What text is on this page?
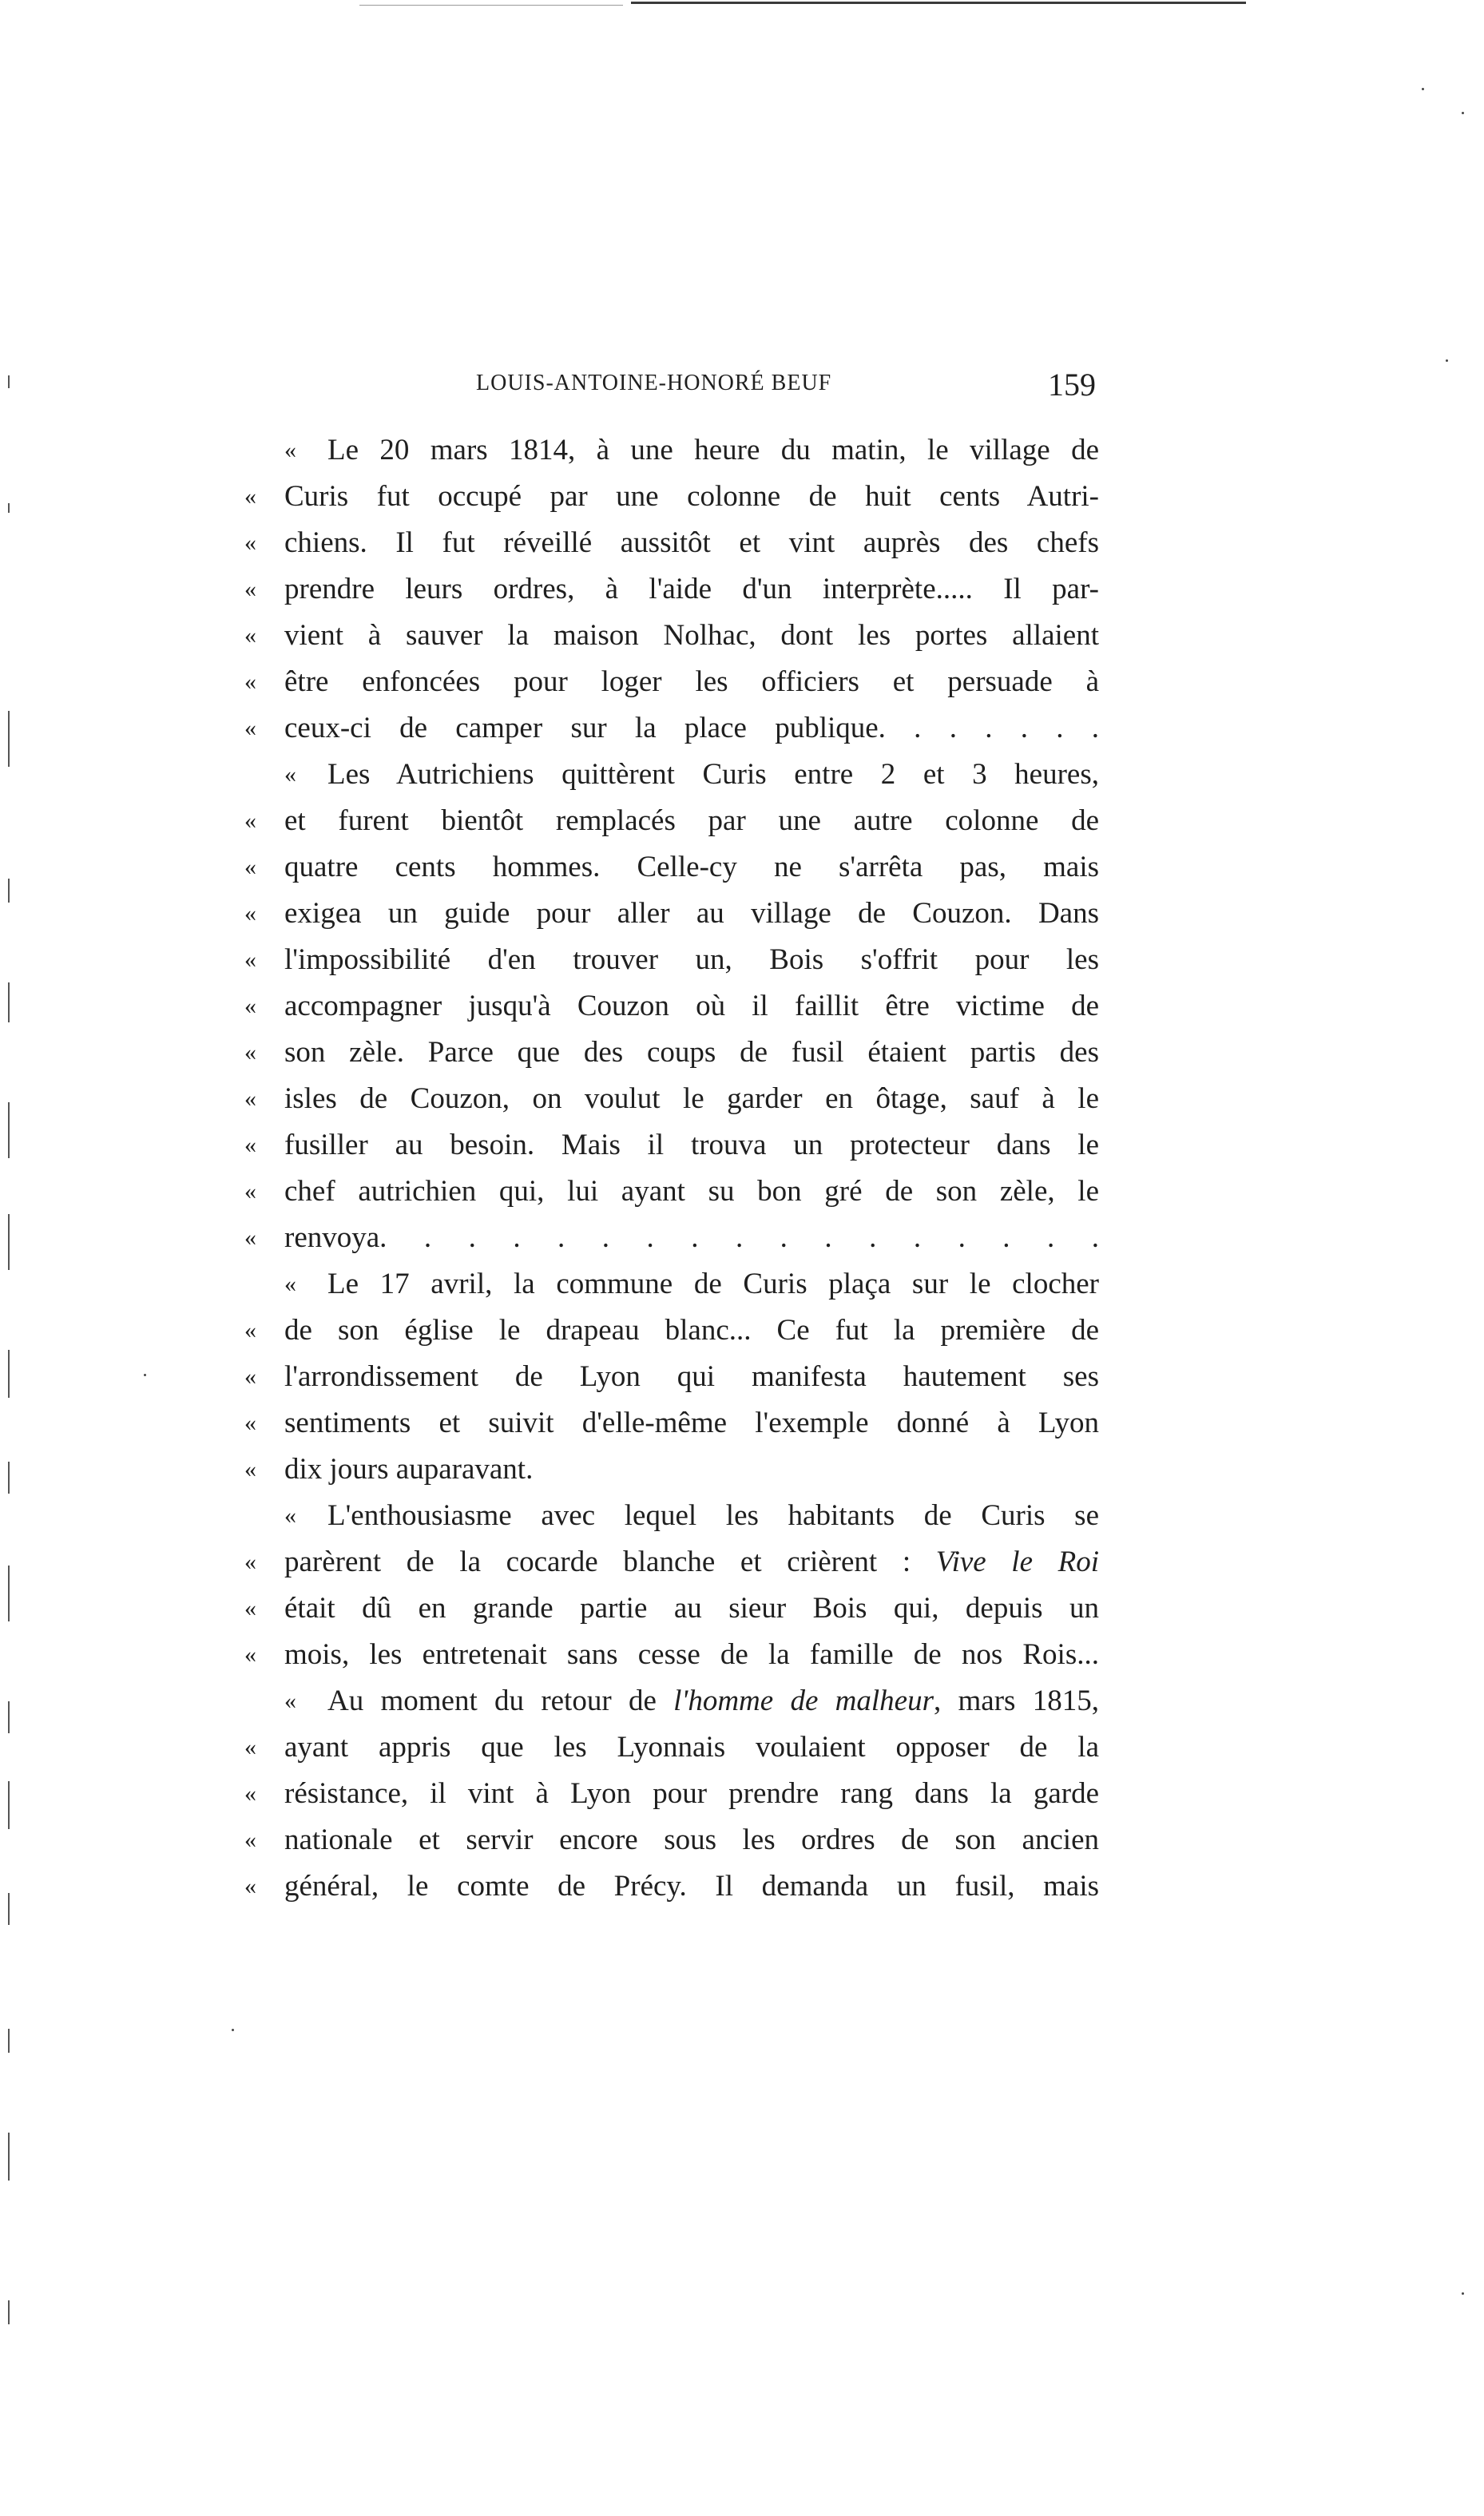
LOUIS-ANTOINE-HONORÉ BEUF	159
«	Le 20 mars 1814, à une heure du matin, le village de
« Curis fut occupé par une colonne de huit cents Autri-
« chiens. Il fut réveillé aussitôt et vint auprès des chefs
« prendre leurs ordres, à l'aide d'un interprète..... Il par-
« vient à sauver la maison Nolhac, dont les portes allaient
« être enfoncées pour loger les officiers et persuade à
« ceux-ci de camper sur la place publique. . . . . . .
«	Les Autrichiens quittèrent Curis entre 2 et 3 heures,
« et furent bientôt remplacés par une autre colonne de
« quatre cents hommes. Celle-cy ne s'arrêta pas, mais
« exigea un guide pour aller au village de Couzon. Dans
« l'impossibilité d'en trouver un, Bois s'offrit pour les
« accompagner jusqu'à Couzon où il faillit être victime de
« son zèle. Parce que des coups de fusil étaient partis des
« isles de Couzon, on voulut le garder en ôtage, sauf à le
« fusiller au besoin. Mais il trouva un protecteur dans le
« chef autrichien qui, lui ayant su bon gré de son zèle, le
« renvoya. . . . . . . . . . . . . . . . .
«	Le 17 avril, la commune de Curis plaça sur le clocher
« de son église le drapeau blanc... Ce fut la première de
« l'arrondissement de Lyon qui manifesta hautement ses
« sentiments et suivit d'elle-même l'exemple donné à Lyon
« dix jours auparavant.
«	L'enthousiasme avec lequel les habitants de Curis se
« parèrent de la cocarde blanche et crièrent : Vive le Roi
« était dû en grande partie au sieur Bois qui, depuis un
« mois, les entretenait sans cesse de la famille de nos Rois...
«	Au moment du retour de l'homme de malheur, mars 1815,
« ayant appris que les Lyonnais voulaient opposer de la
« résistance, il vint à Lyon pour prendre rang dans la garde
« nationale et servir encore sous les ordres de son ancien
« général, le comte de Précy. Il demanda un fusil, mais
